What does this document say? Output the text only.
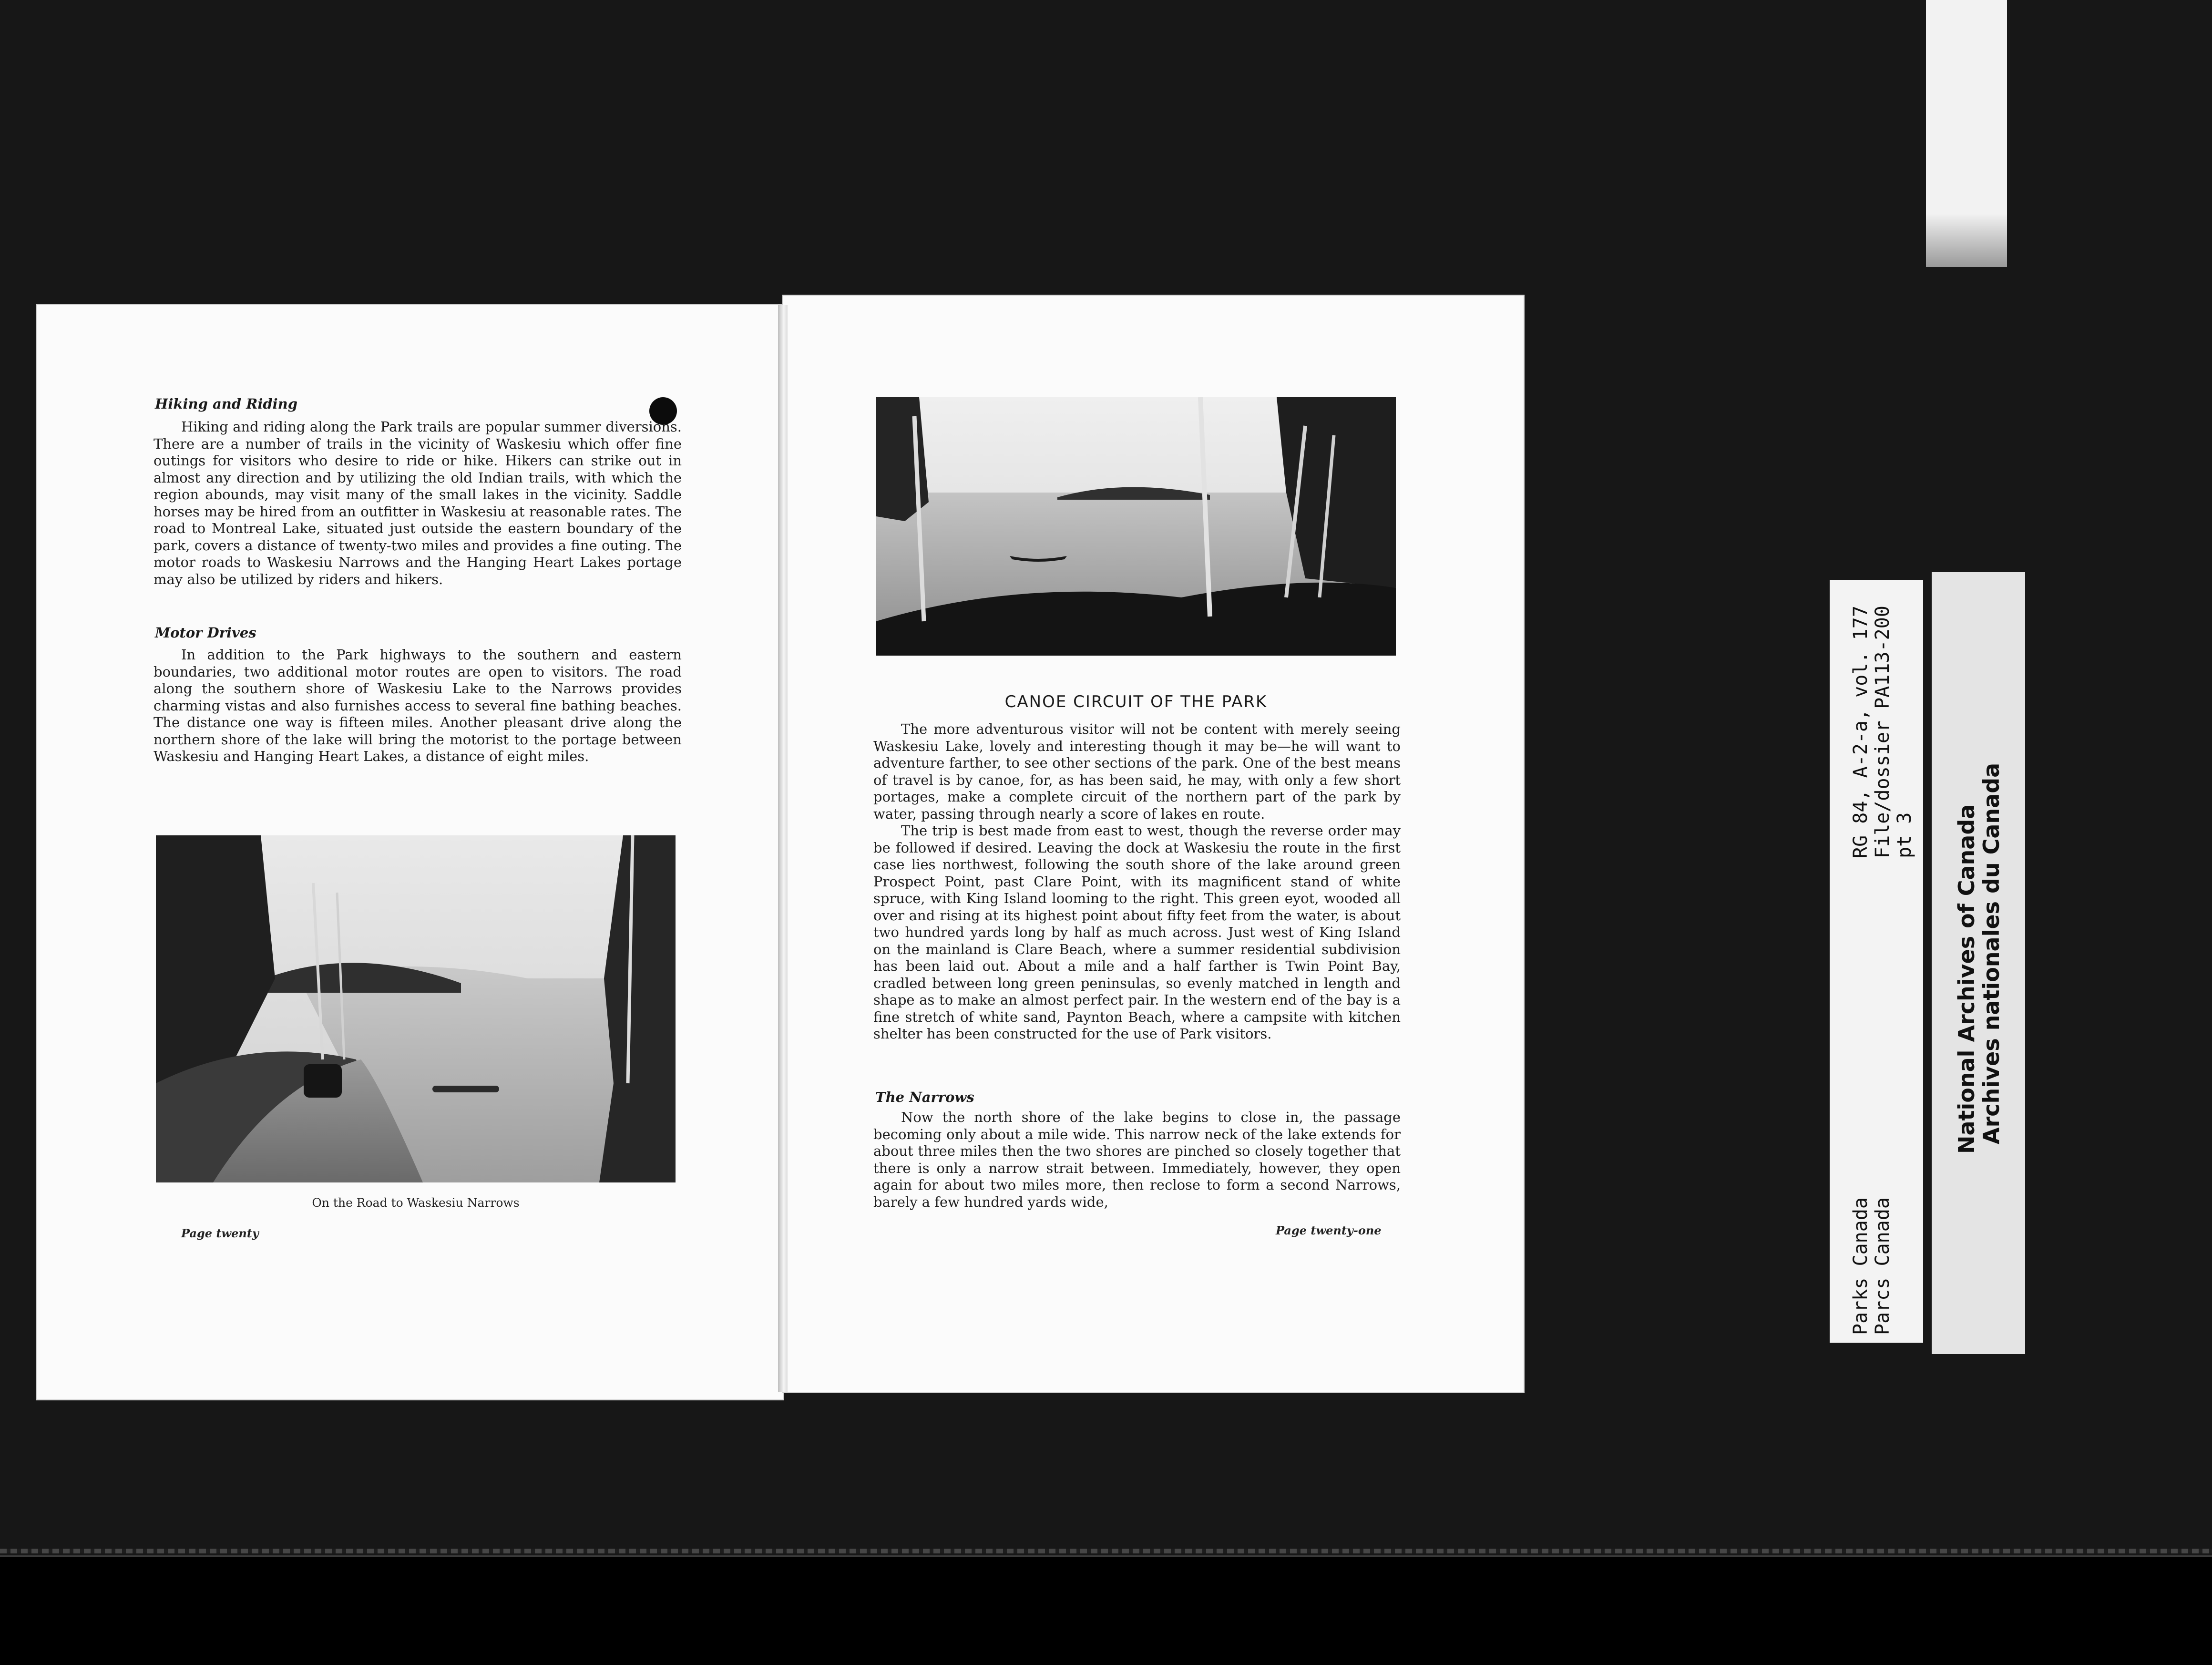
Hiking and Riding

Hiking and riding along the Park trails are popular summer diversions. There are a number of trails in the vicinity of Waskesiu which offer fine outings for visitors who desire to ride or hike. Hikers can strike out in almost any direction and by utilizing the old Indian trails, with which the region abounds, may visit many of the small lakes in the vicinity. Saddle horses may be hired from an outfitter in Waskesiu at reasonable rates. The road to Montreal Lake, situated just outside the eastern boundary of the park, covers a distance of twenty-two miles and provides a fine outing. The motor roads to Waskesiu Narrows and the Hanging Heart Lakes portage may also be utilized by riders and hikers.

Motor Drives

In addition to the Park highways to the southern and eastern boundaries, two additional motor routes are open to visitors. The road along the southern shore of Waskesiu Lake to the Narrows provides charming vistas and also furnishes access to several fine bathing beaches. The distance one way is fifteen miles. Another pleasant drive along the northern shore of the lake will bring the motorist to the portage between Waskesiu and Hanging Heart Lakes, a distance of eight miles.

On the Road to Waskesiu Narrows
Page twenty
CANOE CIRCUIT OF THE PARK

The more adventurous visitor will not be content with merely seeing Waskesiu Lake, lovely and interesting though it may be—he will want to adventure farther, to see other sections of the park. One of the best means of travel is by canoe, for, as has been said, he may, with only a few short portages, make a complete circuit of the northern part of the park by water, passing through nearly a score of lakes en route.

The trip is best made from east to west, though the reverse order may be followed if desired. Leaving the dock at Waskesiu the route in the first case lies northwest, following the south shore of the lake around green Prospect Point, past Clare Point, with its magnificent stand of white spruce, with King Island looming to the right. This green eyot, wooded all over and rising at its highest point about fifty feet from the water, is about two hundred yards long by half as much across. Just west of King Island on the mainland is Clare Beach, where a summer residential subdivision has been laid out. About a mile and a half farther is Twin Point Bay, cradled between long green peninsulas, so evenly matched in length and shape as to make an almost perfect pair. In the western end of the bay is a fine stretch of white sand, Paynton Beach, where a campsite with kitchen shelter has been constructed for the use of Park visitors.

The Narrows

Now the north shore of the lake begins to close in, the passage becoming only about a mile wide. This narrow neck of the lake extends for about three miles then the two shores are pinched so closely together that there is only a narrow strait between. Immediately, however, they open again for about two miles more, then reclose to form a second Narrows, barely a few hundred yards wide,

Page twenty-one	Parks Canada Parcs Canada
RG 84, A-2-a, vol. 177 File/dossier PA113-200 pt 3 National Archives of Canada
Archives nationales du Canada
